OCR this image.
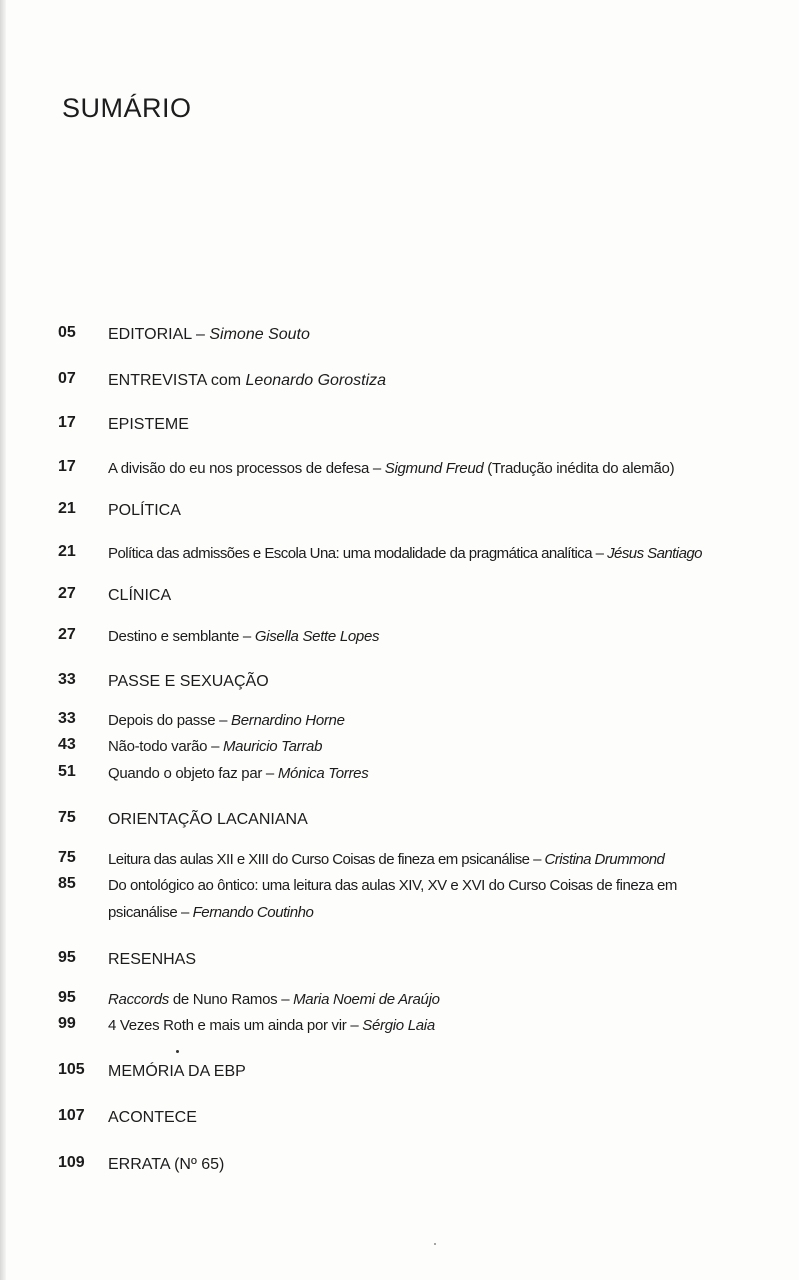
SUMÁRIO
05	EDITORIAL – Simone Souto
07	ENTREVISTA com Leonardo Gorostiza
17	EPISTEME
17	A divisão do eu nos processos de defesa – Sigmund Freud (Tradução inédita do alemão)
21	POLÍTICA
21	Política das admissões e Escola Una: uma modalidade da pragmática analítica – Jésus Santiago
27	CLÍNICA
27	Destino e semblante – Gisella Sette Lopes
33	PASSE E SEXUAÇÃO
33	Depois do passe – Bernardino Horne
43	Não-todo varão – Mauricio Tarrab
51	Quando o objeto faz par – Mónica Torres
75	ORIENTAÇÃO LACANIANA
75	Leitura das aulas XII e XIII do Curso Coisas de fineza em psicanálise – Cristina Drummond
85	Do ontológico ao ôntico: uma leitura das aulas XIV, XV e XVI do Curso Coisas de fineza em psicanálise – Fernando Coutinho
95	RESENHAS
95	Raccords de Nuno Ramos – Maria Noemi de Araújo
99	4 Vezes Roth e mais um ainda por vir – Sérgio Laia
105	MEMÓRIA DA EBP
107	ACONTECE
109	ERRATA (Nº 65)
